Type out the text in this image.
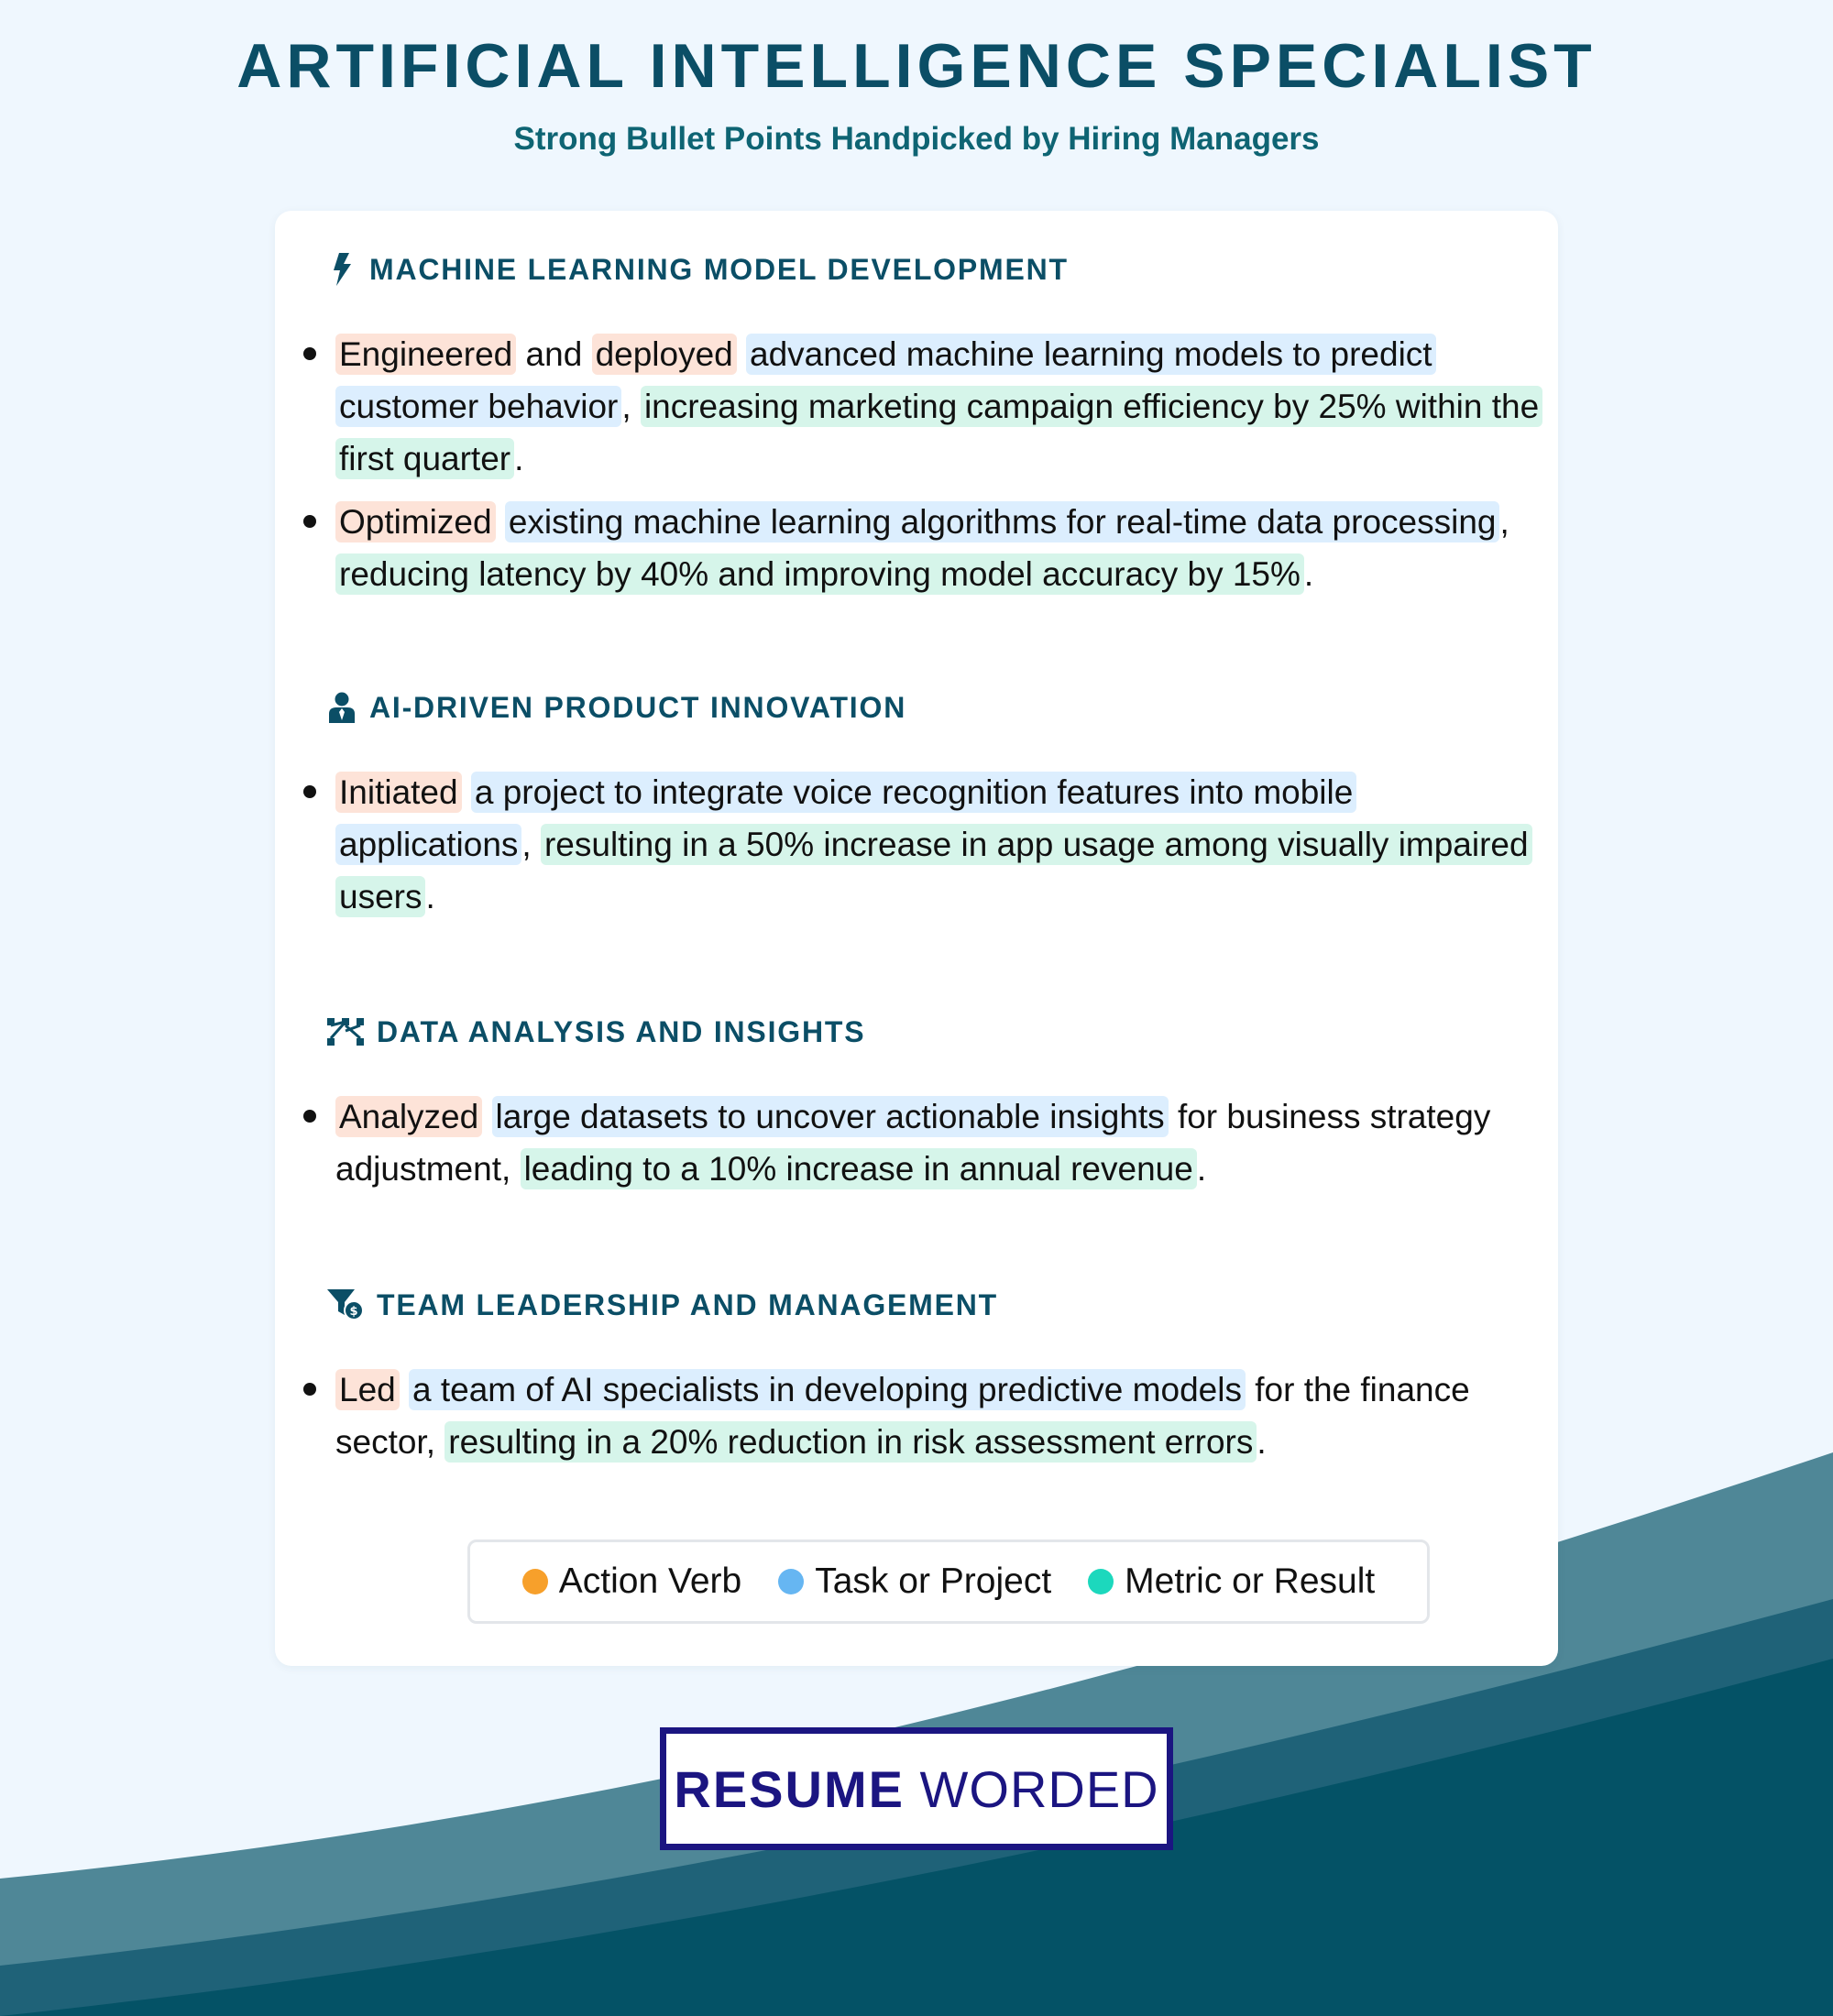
ARTIFICIAL INTELLIGENCE SPECIALIST
Strong Bullet Points Handpicked by Hiring Managers
MACHINE LEARNING MODEL DEVELOPMENT
Engineered and deployed advanced machine learning models to predict customer behavior , increasing marketing campaign efficiency by 25% within the first quarter .
Optimized existing machine learning algorithms for real-time data processing , reducing latency by 40% and improving model accuracy by 15% .
AI-DRIVEN PRODUCT INNOVATION
Initiated a project to integrate voice recognition features into mobile applications , resulting in a 50% increase in app usage among visually impaired users .
DATA ANALYSIS AND INSIGHTS
Analyzed large datasets to uncover actionable insights for business strategy adjustment, leading to a 10% increase in annual revenue .
$ TEAM LEADERSHIP AND MANAGEMENT
Led a team of AI specialists in developing predictive models for the finance sector, resulting in a 20% reduction in risk assessment errors .
Action Verb Task or Project Metric or Result
RESUME WORDED
